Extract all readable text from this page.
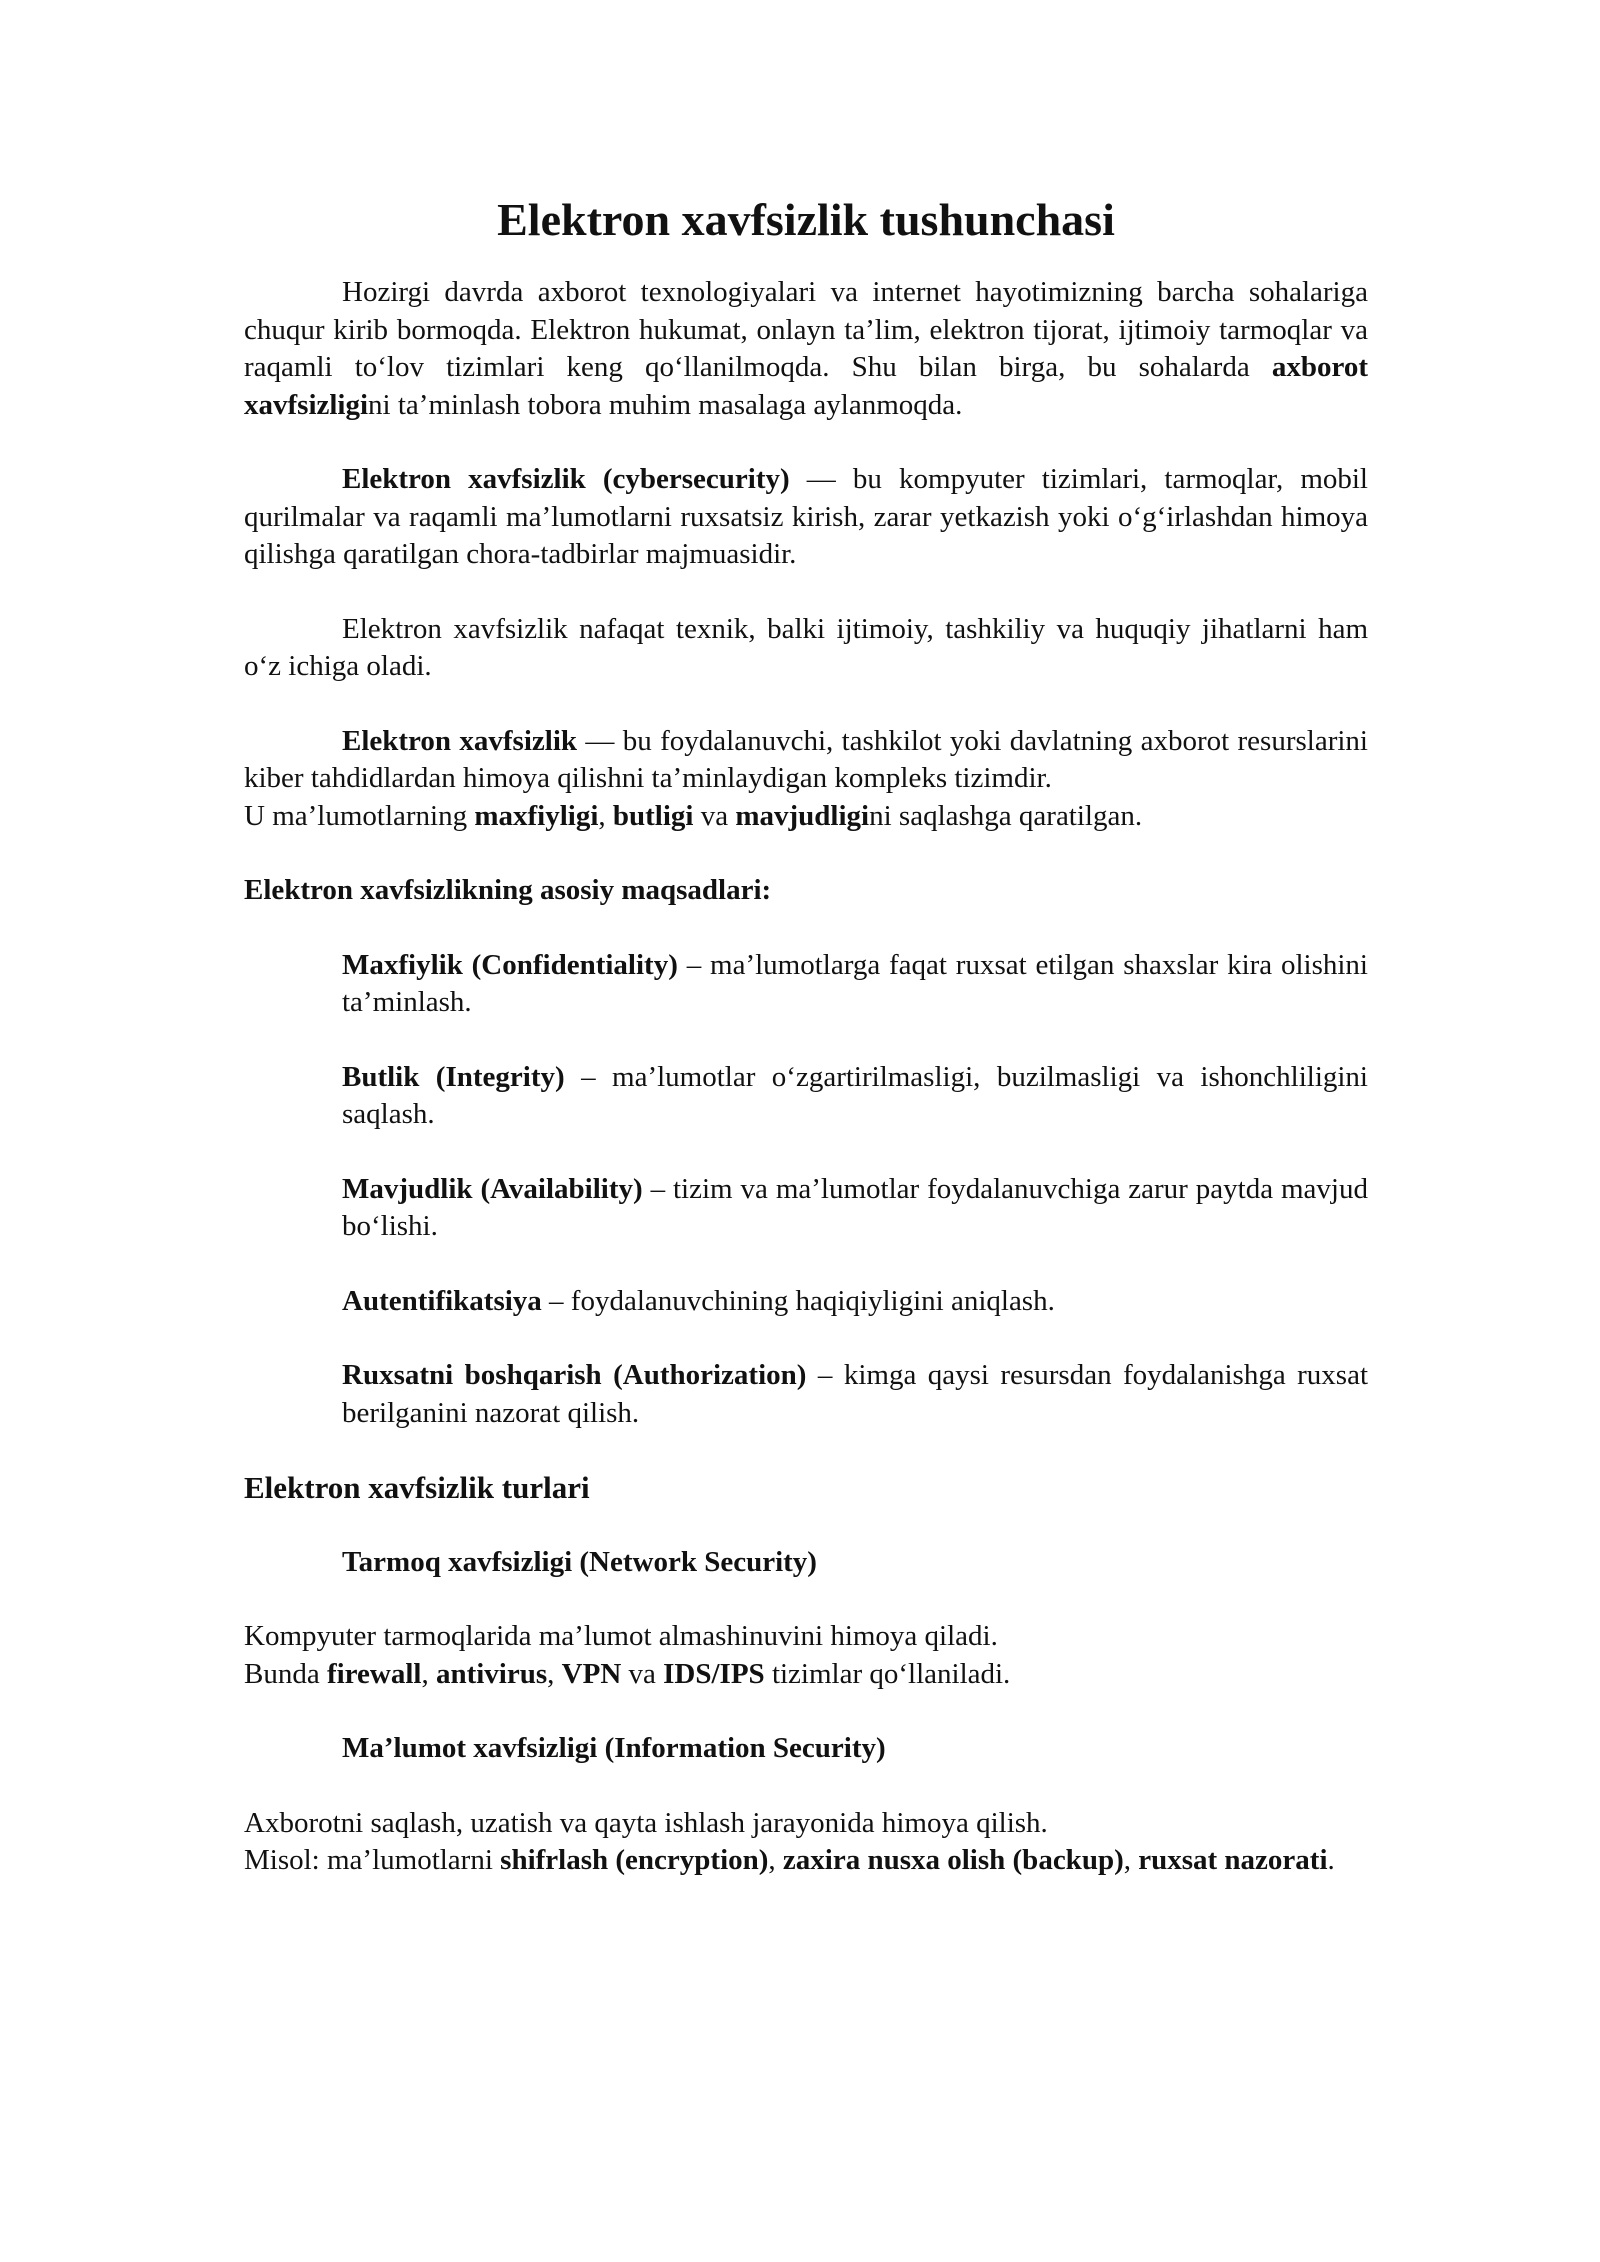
Elektron xavfsizlik tushunchasi

Hozirgi davrda axborot texnologiyalari va internet hayotimizning barcha sohalariga chuqur kirib bormoqda. Elektron hukumat, onlayn ta’lim, elektron tijorat, ijtimoiy tarmoqlar va raqamli to‘lov tizimlari keng qo‘llanilmoqda. Shu bilan birga, bu sohalarda axborot xavfsizligini ta’minlash tobora muhim masalaga aylanmoqda.

Elektron xavfsizlik (cybersecurity) — bu kompyuter tizimlari, tarmoqlar, mobil qurilmalar va raqamli ma’lumotlarni ruxsatsiz kirish, zarar yetkazish yoki o‘g‘irlashdan himoya qilishga qaratilgan chora-tadbirlar majmuasidir.

Elektron xavfsizlik nafaqat texnik, balki ijtimoiy, tashkiliy va huquqiy jihatlarni ham o‘z ichiga oladi.

Elektron xavfsizlik — bu foydalanuvchi, tashkilot yoki davlatning axborot resurslarini kiber tahdidlardan himoya qilishni ta’minlaydigan kompleks tizimdir.
U ma’lumotlarning maxfiyligi, butligi va mavjudligini saqlashga qaratilgan.

Elektron xavfsizlikning asosiy maqsadlari:

Maxfiylik (Confidentiality) – ma’lumotlarga faqat ruxsat etilgan shaxslar kira olishini ta’minlash.

Butlik (Integrity) – ma’lumotlar o‘zgartirilmasligi, buzilmasligi va ishonchliligini saqlash.

Mavjudlik (Availability) – tizim va ma’lumotlar foydalanuvchiga zarur paytda mavjud bo‘lishi.

Autentifikatsiya – foydalanuvchining haqiqiyligini aniqlash.

Ruxsatni boshqarish (Authorization) – kimga qaysi resursdan foydalanishga ruxsat berilganini nazorat qilish.

Elektron xavfsizlik turlari
Tarmoq xavfsizligi (Network Security)

Kompyuter tarmoqlarida ma’lumot almashinuvini himoya qiladi.
Bunda firewall, antivirus, VPN va IDS/IPS tizimlar qo‘llaniladi.

Ma’lumot xavfsizligi (Information Security)

Axborotni saqlash, uzatish va qayta ishlash jarayonida himoya qilish.
Misol: ma’lumotlarni shifrlash (encryption), zaxira nusxa olish (backup), ruxsat nazorati.
